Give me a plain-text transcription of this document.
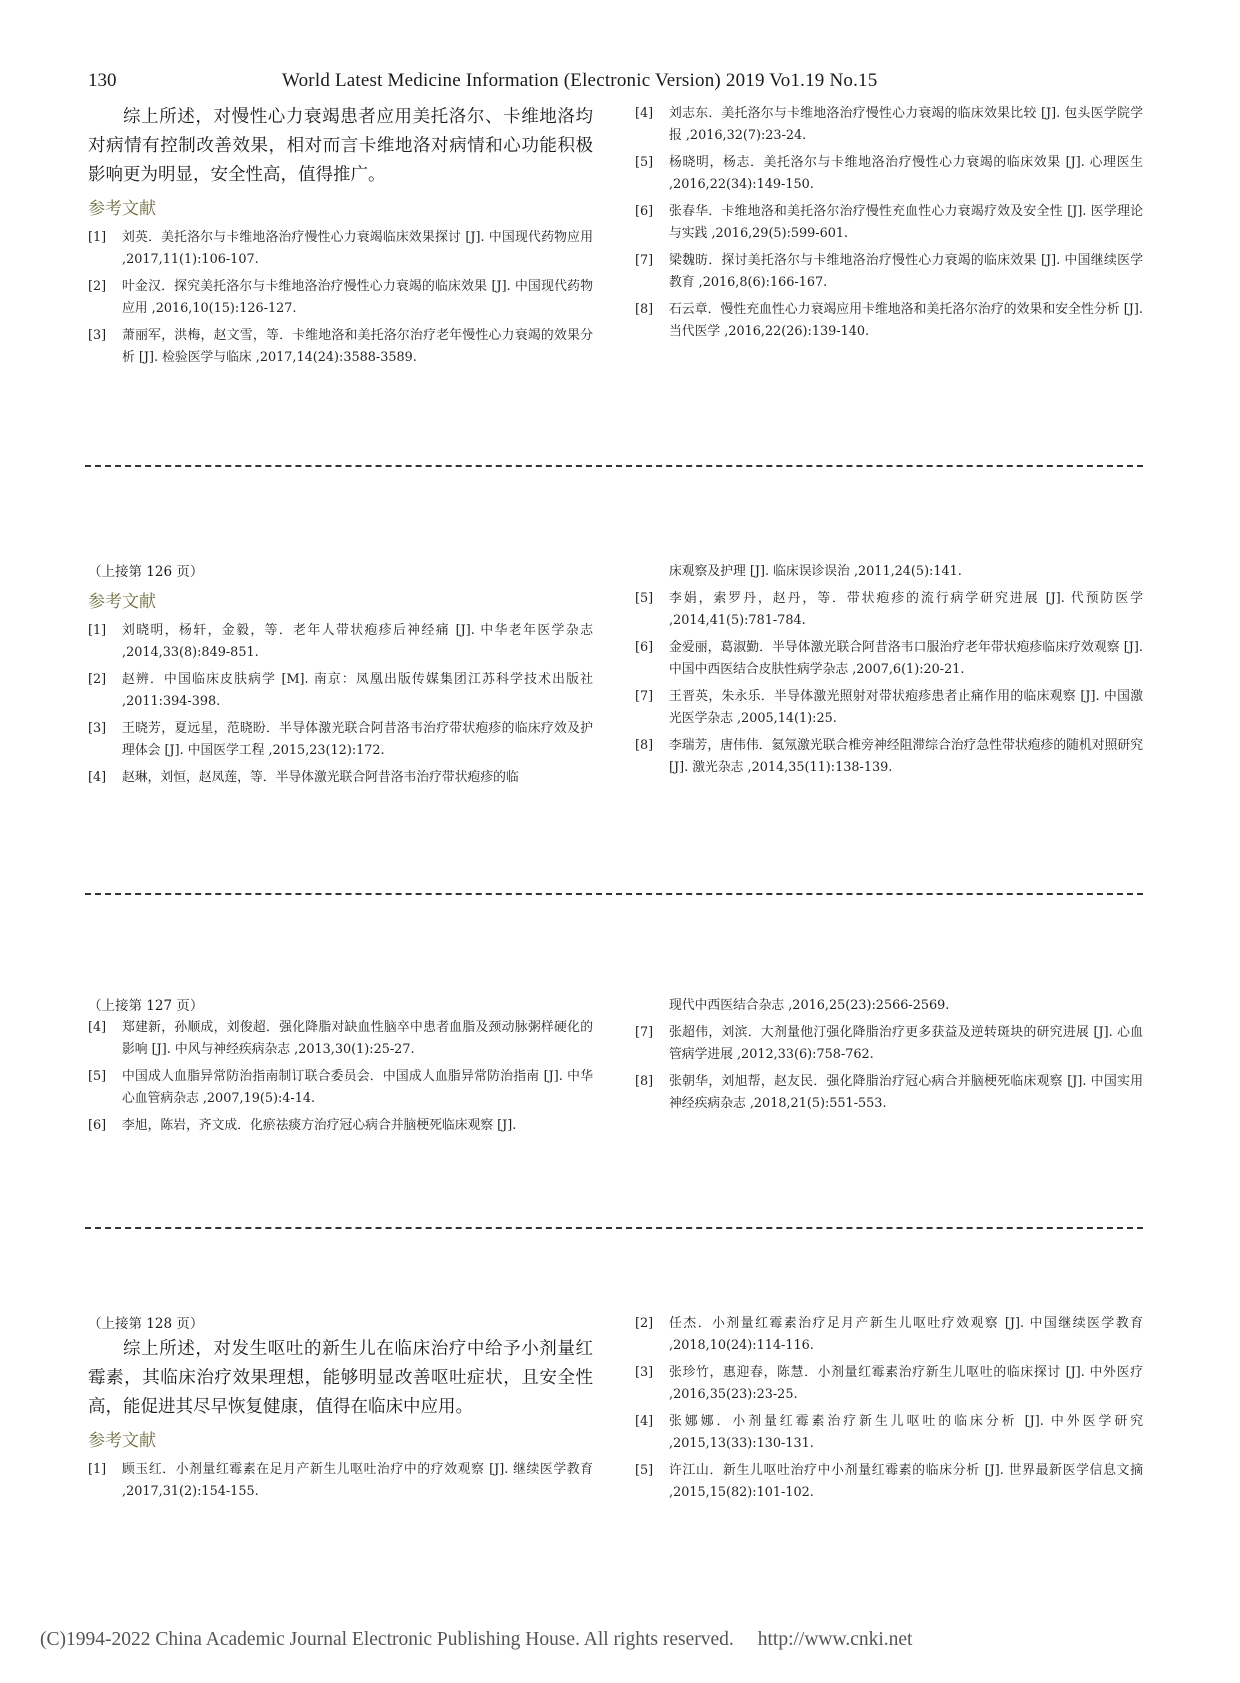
130	World Latest Medicine Information (Electronic Version) 2019 Vo1.19 No.15

综上所述，对慢性心力衰竭患者应用美托洛尔、卡维地洛均对病情有控制改善效果，相对而言卡维地洛对病情和心功能积极影响更为明显，安全性高，值得推广。

参考文献
[1]	刘英．美托洛尔与卡维地洛治疗慢性心力衰竭临床效果探讨 [J]. 中国现代药物应用 ,2017,11(1):106-107.
[2]	叶金汉．探究美托洛尔与卡维地洛治疗慢性心力衰竭的临床效果 [J]. 中国现代药物应用 ,2016,10(15):126-127.
[3]	萧丽军，洪梅，赵文雪，等．卡维地洛和美托洛尔治疗老年慢性心力衰竭的效果分析 [J]. 检验医学与临床 ,2017,14(24):3588-3589.
[4]	刘志东．美托洛尔与卡维地洛治疗慢性心力衰竭的临床效果比较 [J]. 包头医学院学报 ,2016,32(7):23-24.
[5]	杨晓明，杨志．美托洛尔与卡维地洛治疗慢性心力衰竭的临床效果 [J]. 心理医生 ,2016,22(34):149-150.
[6]	张春华．卡维地洛和美托洛尔治疗慢性充血性心力衰竭疗效及安全性 [J]. 医学理论与实践 ,2016,29(5):599-601.
[7]	梁魏昉．探讨美托洛尔与卡维地洛治疗慢性心力衰竭的临床效果 [J]. 中国继续医学教育 ,2016,8(6):166-167.
[8]	石云章．慢性充血性心力衰竭应用卡维地洛和美托洛尔治疗的效果和安全性分析 [J]. 当代医学 ,2016,22(26):139-140.
（上接第 126 页）
参考文献
[1]	刘晓明，杨轩，金毅，等．老年人带状疱疹后神经痛 [J]. 中华老年医学杂志 ,2014,33(8):849-851.
[2]	赵辨．中国临床皮肤病学 [M]. 南京：凤凰出版传媒集团江苏科学技术出版社 ,2011:394-398.
[3]	王晓芳，夏远星，范晓盼．半导体激光联合阿昔洛韦治疗带状疱疹的临床疗效及护理体会 [J]. 中国医学工程 ,2015,23(12):172.
[4]	赵琳，刘恒，赵凤莲，等．半导体激光联合阿昔洛韦治疗带状疱疹的临
床观察及护理 [J]. 临床误诊误治 ,2011,24(5):141.
[5]	李娟，索罗丹，赵丹，等．带状疱疹的流行病学研究进展 [J]. 代预防医学 ,2014,41(5):781-784.
[6]	金爱丽，葛淑勤．半导体激光联合阿昔洛韦口服治疗老年带状疱疹临床疗效观察 [J]. 中国中西医结合皮肤性病学杂志 ,2007,6(1):20-21.
[7]	王晋英，朱永乐．半导体激光照射对带状疱疹患者止痛作用的临床观察 [J]. 中国激光医学杂志 ,2005,14(1):25.
[8]	李瑞芳，唐伟伟．氦氖激光联合椎旁神经阻滞综合治疗急性带状疱疹的随机对照研究 [J]. 激光杂志 ,2014,35(11):138-139.
（上接第 127 页）
[4]	郑建新，孙顺成，刘俊超．强化降脂对缺血性脑卒中患者血脂及颈动脉粥样硬化的影响 [J]. 中风与神经疾病杂志 ,2013,30(1):25-27.
[5]	中国成人血脂异常防治指南制订联合委员会．中国成人血脂异常防治指南 [J]. 中华心血管病杂志 ,2007,19(5):4-14.
[6]	李旭，陈岩，齐文成．化瘀祛痰方治疗冠心病合并脑梗死临床观察 [J].
现代中西医结合杂志 ,2016,25(23):2566-2569.
[7]	张超伟，刘滨．大剂量他汀强化降脂治疗更多获益及逆转斑块的研究进展 [J]. 心血管病学进展 ,2012,33(6):758-762.
[8]	张朝华，刘旭帮，赵友民．强化降脂治疗冠心病合并脑梗死临床观察 [J]. 中国实用神经疾病杂志 ,2018,21(5):551-553.
（上接第 128 页）

综上所述，对发生呕吐的新生儿在临床治疗中给予小剂量红霉素，其临床治疗效果理想，能够明显改善呕吐症状，且安全性高，能促进其尽早恢复健康，值得在临床中应用。

参考文献
[1]	顾玉红．小剂量红霉素在足月产新生儿呕吐治疗中的疗效观察 [J]. 继续医学教育 ,2017,31(2):154-155.
[2]	任杰．小剂量红霉素治疗足月产新生儿呕吐疗效观察 [J]. 中国继续医学教育 ,2018,10(24):114-116.
[3]	张珍竹，惠迎春，陈慧．小剂量红霉素治疗新生儿呕吐的临床探讨 [J]. 中外医疗 ,2016,35(23):23-25.
[4]	张娜娜．小剂量红霉素治疗新生儿呕吐的临床分析 [J]. 中外医学研究 ,2015,13(33):130-131.
[5]	许江山．新生儿呕吐治疗中小剂量红霉素的临床分析 [J]. 世界最新医学信息文摘 ,2015,15(82):101-102.
(C)1994-2022 China Academic Journal Electronic Publishing House. All rights reserved. http://www.cnki.net
